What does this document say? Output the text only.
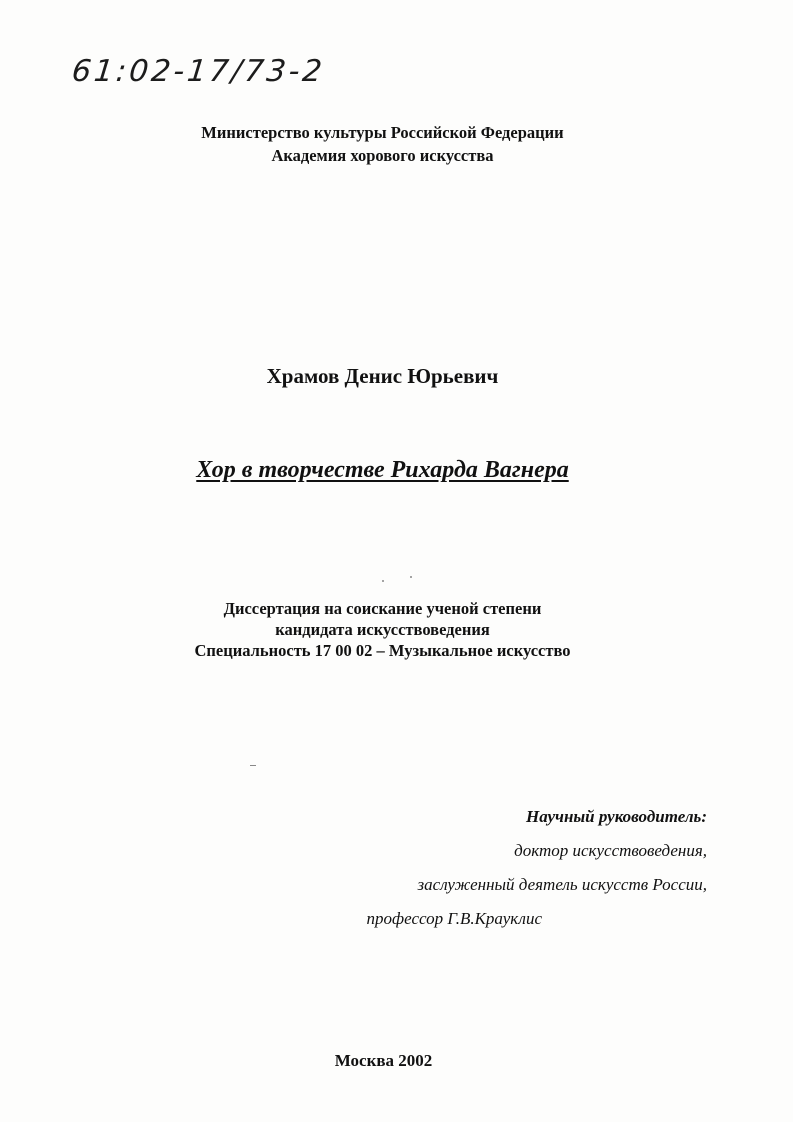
61:02-17/73-2
Министерство культуры Российской Федерации
Академия хорового искусства
Храмов Денис Юрьевич
Хор в творчестве Рихарда Вагнера
Диссертация на соискание ученой степени
кандидата искусствоведения
Специальность 17 00 02 – Музыкальное искусство
Научный руководитель:
доктор искусствоведения,
заслуженный деятель искусств России,
профессор Г.В.Крауклис
Москва 2002
